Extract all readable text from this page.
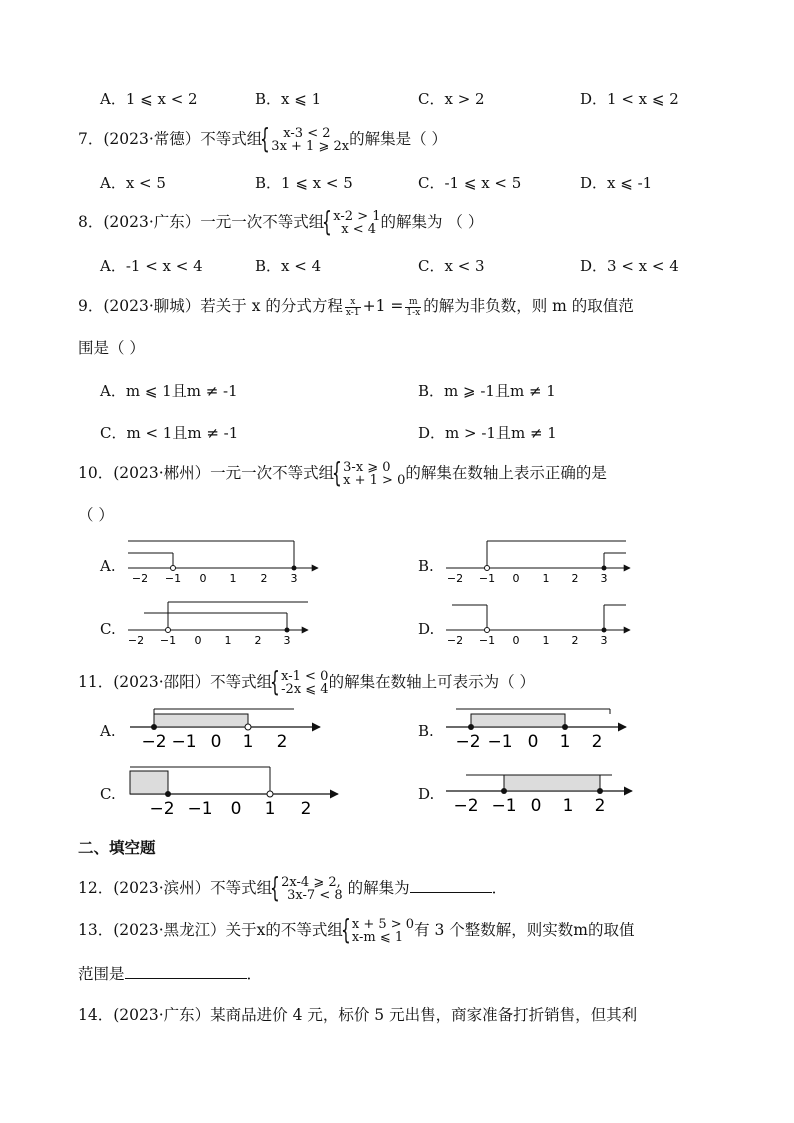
A．1 ⩽ x < 2	B．x ⩽ 1	C．x > 2	D．1 < x ⩽ 2
7．(2023·常德）不等式组
{	x-3 < 2
3x + 1 ⩾ 2x 的解集是（ ）
A．x < 5	B．1 ⩽ x < 5	C．-1 ⩽ x < 5	D．x ⩽ -1
8．(2023·广东）一元一次不等式组
{ x-2 > 1
x < 4 的解集为 （ ）
A．-1 < x < 4	B．x < 4	C．x < 3	D．3 < x < 4
9．(2023·聊城）若关于 x 的分式方程 $\frac{x}{x-1} +1 = \frac{m}{1-x}$ 的解为非负数，则 m 的取值范
围是（ ）
A．m ⩽ 1且m ≠ -1	B．m ⩾ -1且m ≠ 1
C．m < 1且m ≠ -1	D．m > -1且m ≠ 1
10．(2023·郴州）一元一次不等式组
{ 3-x ⩾ 0
x + 1 > 0 的解集在数轴上表示正确的是
（ ）
A.	B.
C.	D.
−2 −1 0 1 2 3	−2 −1 0 1 2 3
−2 −1 0 1 2 3	−2 −1 0 1 2 3
−2 −1 0 1 2	−2 −1 0 1 2
−2 −1 0 1 2	−2 −1 0 1 2
11．(2023·邵阳）不等式组
{ x-1 < 0
-2x ⩽ 4 的解集在数轴上可表示为（ ）
A.	B.
C.	D.
二、填空题
12．(2023·滨州）不等式组
{ 2x-4 ⩾ 2,
3x-7 < 8 的解集为	．
13．(2023·黑龙江）关于x的不等式组
{ x + 5 > 0
x-m ⩽ 1 有 3 个整数解，则实数m的取值
范围是	．
14．(2023·广东）某商品进价 4 元，标价 5 元出售，商家准备打折销售，但其利
